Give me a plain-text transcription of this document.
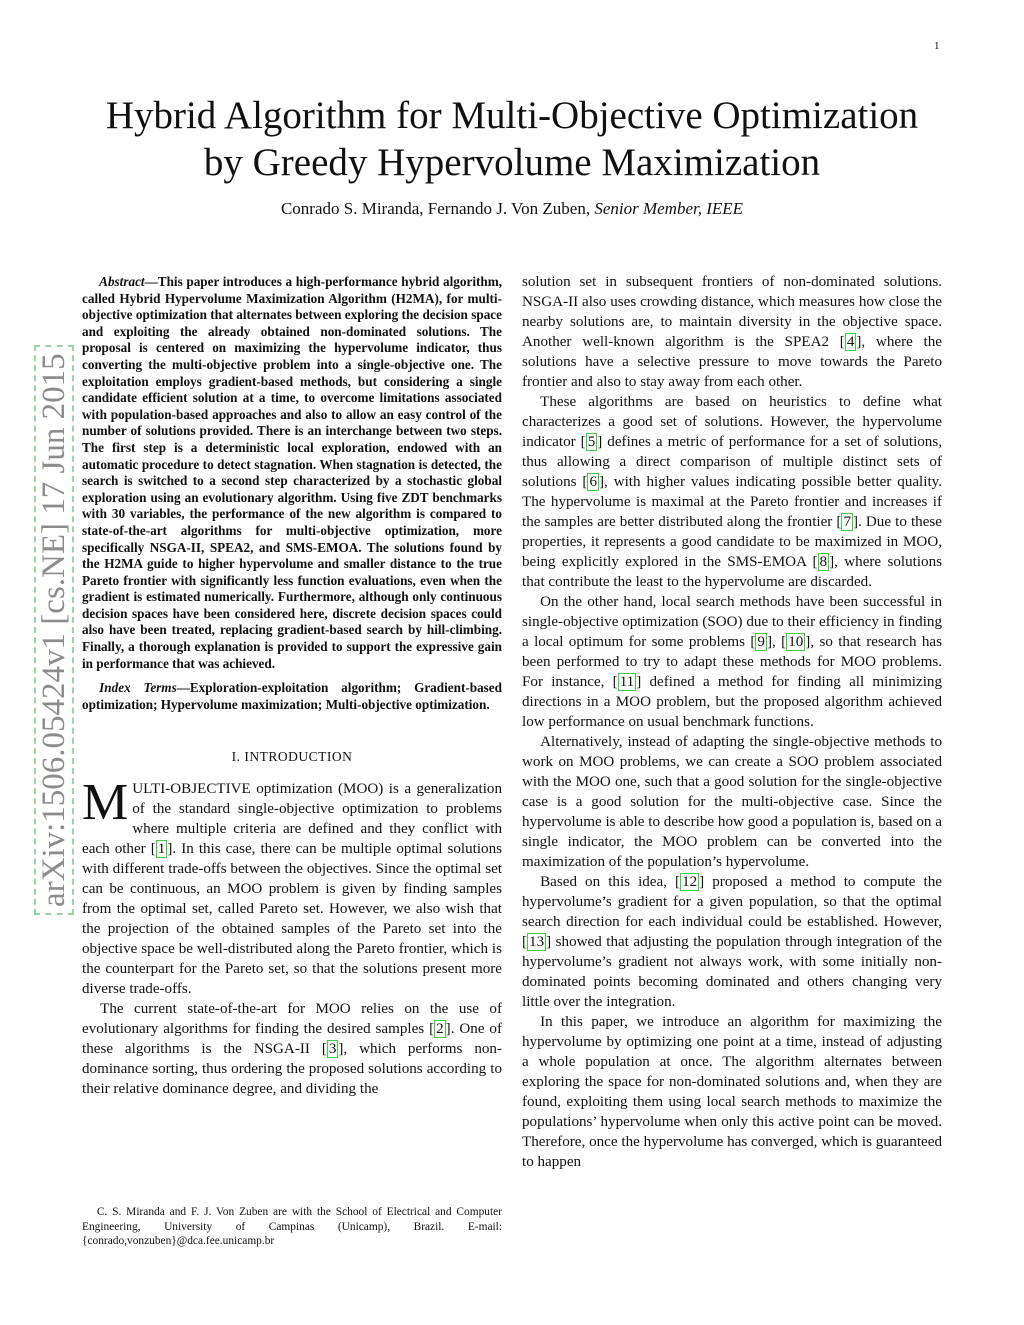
1
Hybrid Algorithm for Multi-Objective Optimization
by Greedy Hypervolume Maximization
Conrado S. Miranda, Fernando J. Von Zuben, Senior Member, IEEE
arXiv:1506.05424v1 [cs.NE] 17 Jun 2015

Abstract—This paper introduces a high-performance hybrid algorithm, called Hybrid Hypervolume Maximization Algorithm (H2MA), for multi-objective optimization that alternates between exploring the decision space and exploiting the already obtained non-dominated solutions. The proposal is centered on maximizing the hypervolume indicator, thus converting the multi-objective problem into a single-objective one. The exploitation employs gradient-based methods, but considering a single candidate efficient solution at a time, to overcome limitations associated with population-based approaches and also to allow an easy control of the number of solutions provided. There is an interchange between two steps. The first step is a deterministic local exploration, endowed with an automatic procedure to detect stagnation. When stagnation is detected, the search is switched to a second step characterized by a stochastic global exploration using an evolutionary algorithm. Using five ZDT benchmarks with 30 variables, the performance of the new algorithm is compared to state-of-the-art algorithms for multi-objective optimization, more specifically NSGA-II, SPEA2, and SMS-EMOA. The solutions found by the H2MA guide to higher hypervolume and smaller distance to the true Pareto frontier with significantly less function evaluations, even when the gradient is estimated numerically. Furthermore, although only continuous decision spaces have been considered here, discrete decision spaces could also have been treated, replacing gradient-based search by hill-climbing. Finally, a thorough explanation is provided to support the expressive gain in performance that was achieved.

Index Terms—Exploration-exploitation algorithm; Gradient-based optimization; Hypervolume maximization; Multi-objective optimization.

I. INTRODUCTION

MULTI-OBJECTIVE optimization (MOO) is a generalization of the standard single-objective optimization to problems where multiple criteria are defined and they conflict with each other [ 1 ]. In this case, there can be multiple optimal solutions with different trade-offs between the objectives. Since the optimal set can be continuous, an MOO problem is given by finding samples from the optimal set, called Pareto set. However, we also wish that the projection of the obtained samples of the Pareto set into the objective space be well-distributed along the Pareto frontier, which is the counterpart for the Pareto set, so that the solutions present more diverse trade-offs.

The current state-of-the-art for MOO relies on the use of evolutionary algorithms for finding the desired samples [ 2 ]. One of these algorithms is the NSGA-II [ 3 ], which performs non-dominance sorting, thus ordering the proposed solutions according to their relative dominance degree, and dividing the

solution set in subsequent frontiers of non-dominated solutions. NSGA-II also uses crowding distance, which measures how close the nearby solutions are, to maintain diversity in the objective space. Another well-known algorithm is the SPEA2 [ 4 ], where the solutions have a selective pressure to move towards the Pareto frontier and also to stay away from each other.

These algorithms are based on heuristics to define what characterizes a good set of solutions. However, the hypervolume indicator [ 5 ] defines a metric of performance for a set of solutions, thus allowing a direct comparison of multiple distinct sets of solutions [ 6 ], with higher values indicating possible better quality. The hypervolume is maximal at the Pareto frontier and increases if the samples are better distributed along the frontier [ 7 ]. Due to these properties, it represents a good candidate to be maximized in MOO, being explicitly explored in the SMS-EMOA [ 8 ], where solutions that contribute the least to the hypervolume are discarded.

On the other hand, local search methods have been successful in single-objective optimization (SOO) due to their efficiency in finding a local optimum for some problems [ 9 ], [ 10 ], so that research has been performed to try to adapt these methods for MOO problems. For instance, [ 11 ] defined a method for finding all minimizing directions in a MOO problem, but the proposed algorithm achieved low performance on usual benchmark functions.

Alternatively, instead of adapting the single-objective methods to work on MOO problems, we can create a SOO problem associated with the MOO one, such that a good solution for the single-objective case is a good solution for the multi-objective case. Since the hypervolume is able to describe how good a population is, based on a single indicator, the MOO problem can be converted into the maximization of the population’s hypervolume.

Based on this idea, [ 12 ] proposed a method to compute the hypervolume’s gradient for a given population, so that the optimal search direction for each individual could be established. However, [ 13 ] showed that adjusting the population through integration of the hypervolume’s gradient not always work, with some initially non-dominated points becoming dominated and others changing very little over the integration.

In this paper, we introduce an algorithm for maximizing the hypervolume by optimizing one point at a time, instead of adjusting a whole population at once. The algorithm alternates between exploring the space for non-dominated solutions and, when they are found, exploiting them using local search methods to maximize the populations’ hypervolume when only this active point can be moved. Therefore, once the hypervolume has converged, which is guaranteed to happen

C. S. Miranda and F. J. Von Zuben are with the School of Electrical and Computer Engineering, University of Campinas (Unicamp), Brazil. E-mail: {conrado,vonzuben}@dca.fee.unicamp.br
